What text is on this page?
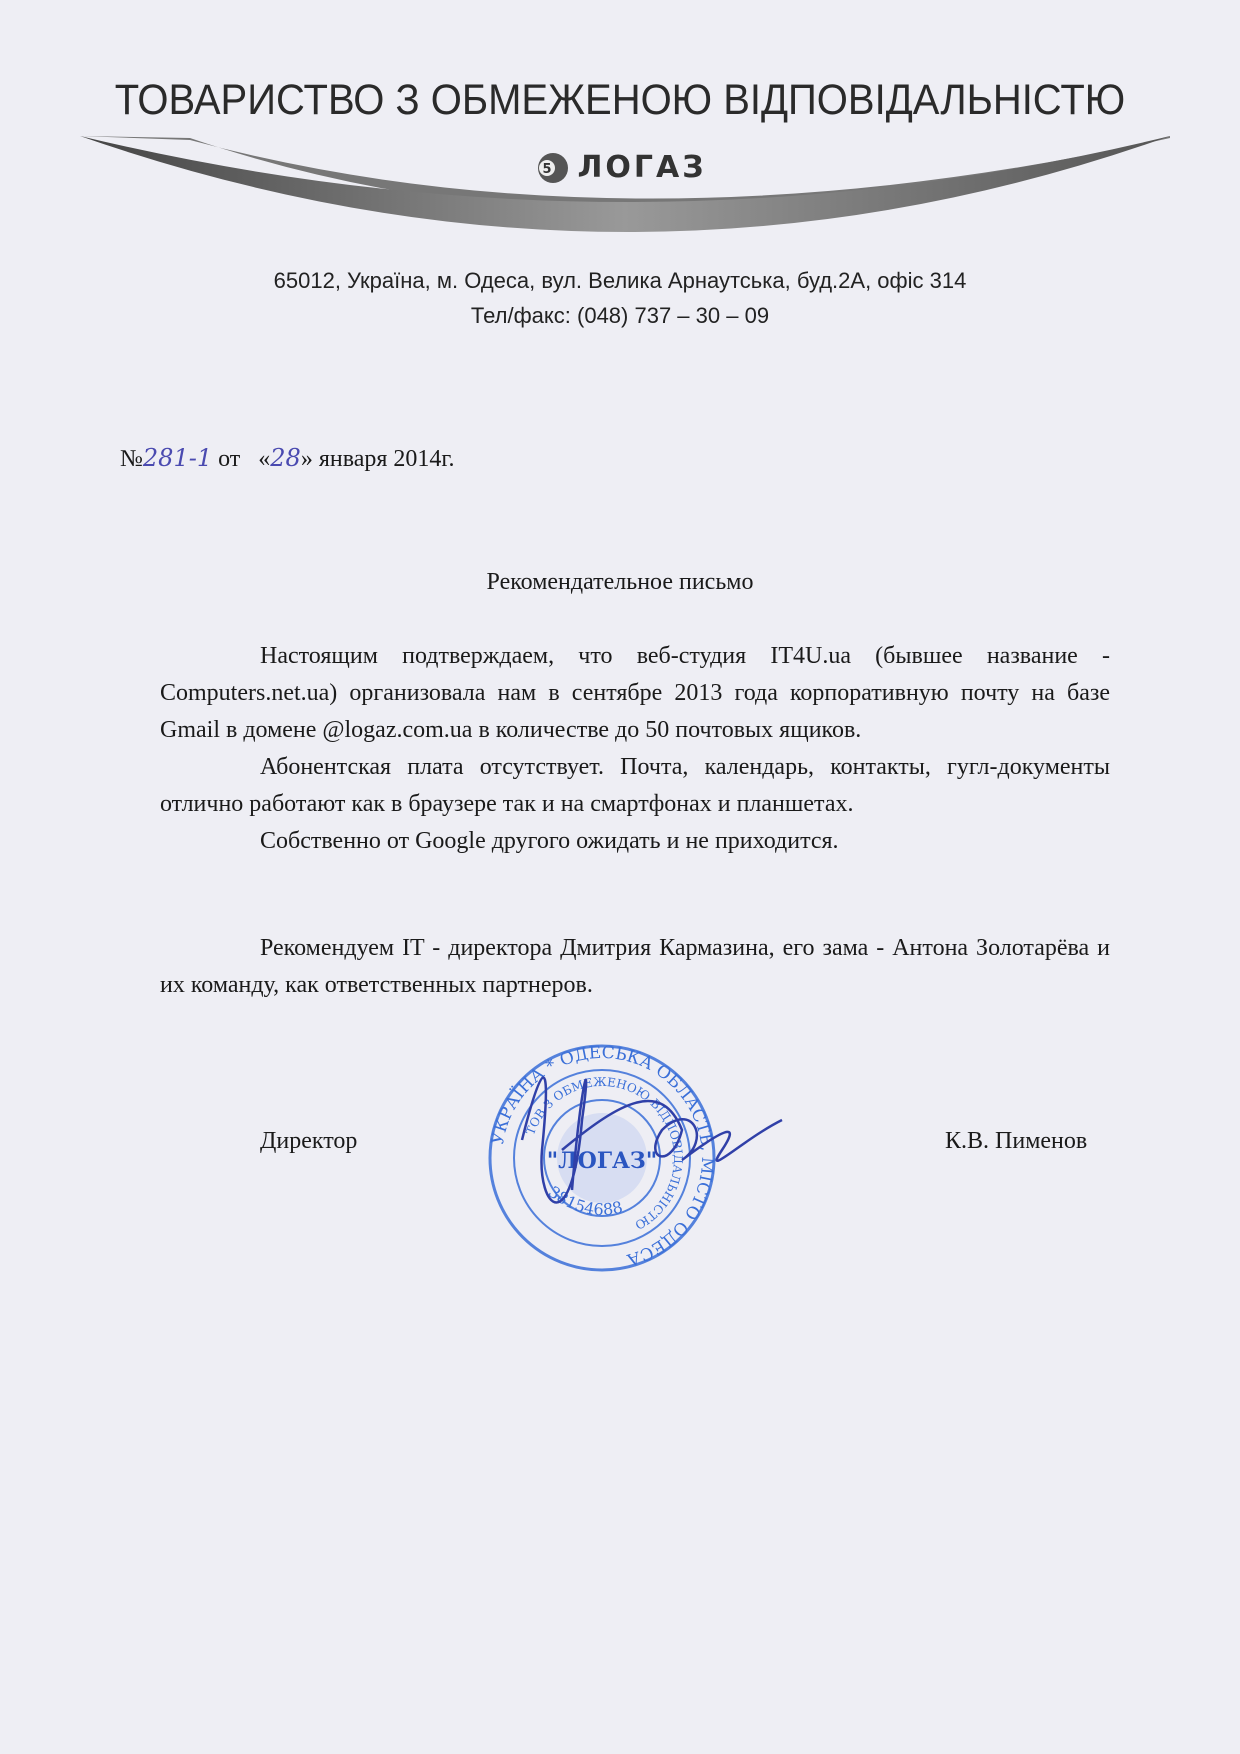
ТОВАРИСТВО З ОБМЕЖЕНОЮ ВІДПОВІДАЛЬНІСТЮ
5 ЛОГАЗ
65012, Україна, м. Одеса, вул. Велика Арнаутська, буд.2А, офіс 314
Тел/факс: (048) 737 – 30 – 09
№281-1 от «28» января 2014г.
Рекомендательное письмо
Настоящим подтверждаем, что веб-студия IT4U.ua (бывшее название - Computers.net.ua) организовала нам в сентябре 2013 года корпоративную почту на базе Gmail в домене @logaz.com.ua в количестве до 50 почтовых ящиков.
Абонентская плата отсутствует. Почта, календарь, контакты, гугл-документы отлично работают как в браузере так и на смартфонах и планшетах.
Собственно от Google другого ожидать и не приходится.
Рекомендуем IT - директора Дмитрия Кармазина, его зама - Антона Золотарёва и их команду, как ответственных партнеров.
Директор	К.В. Пименов
УКРАЇНА * ОДЕСЬКА ОБЛАСТЬ, МІСТО ОДЕСА
ТОВ З ОБМЕЖЕНОЮ ВІДПОВІДАЛЬНІСТЮ
38154688
"ЛОГАЗ"
